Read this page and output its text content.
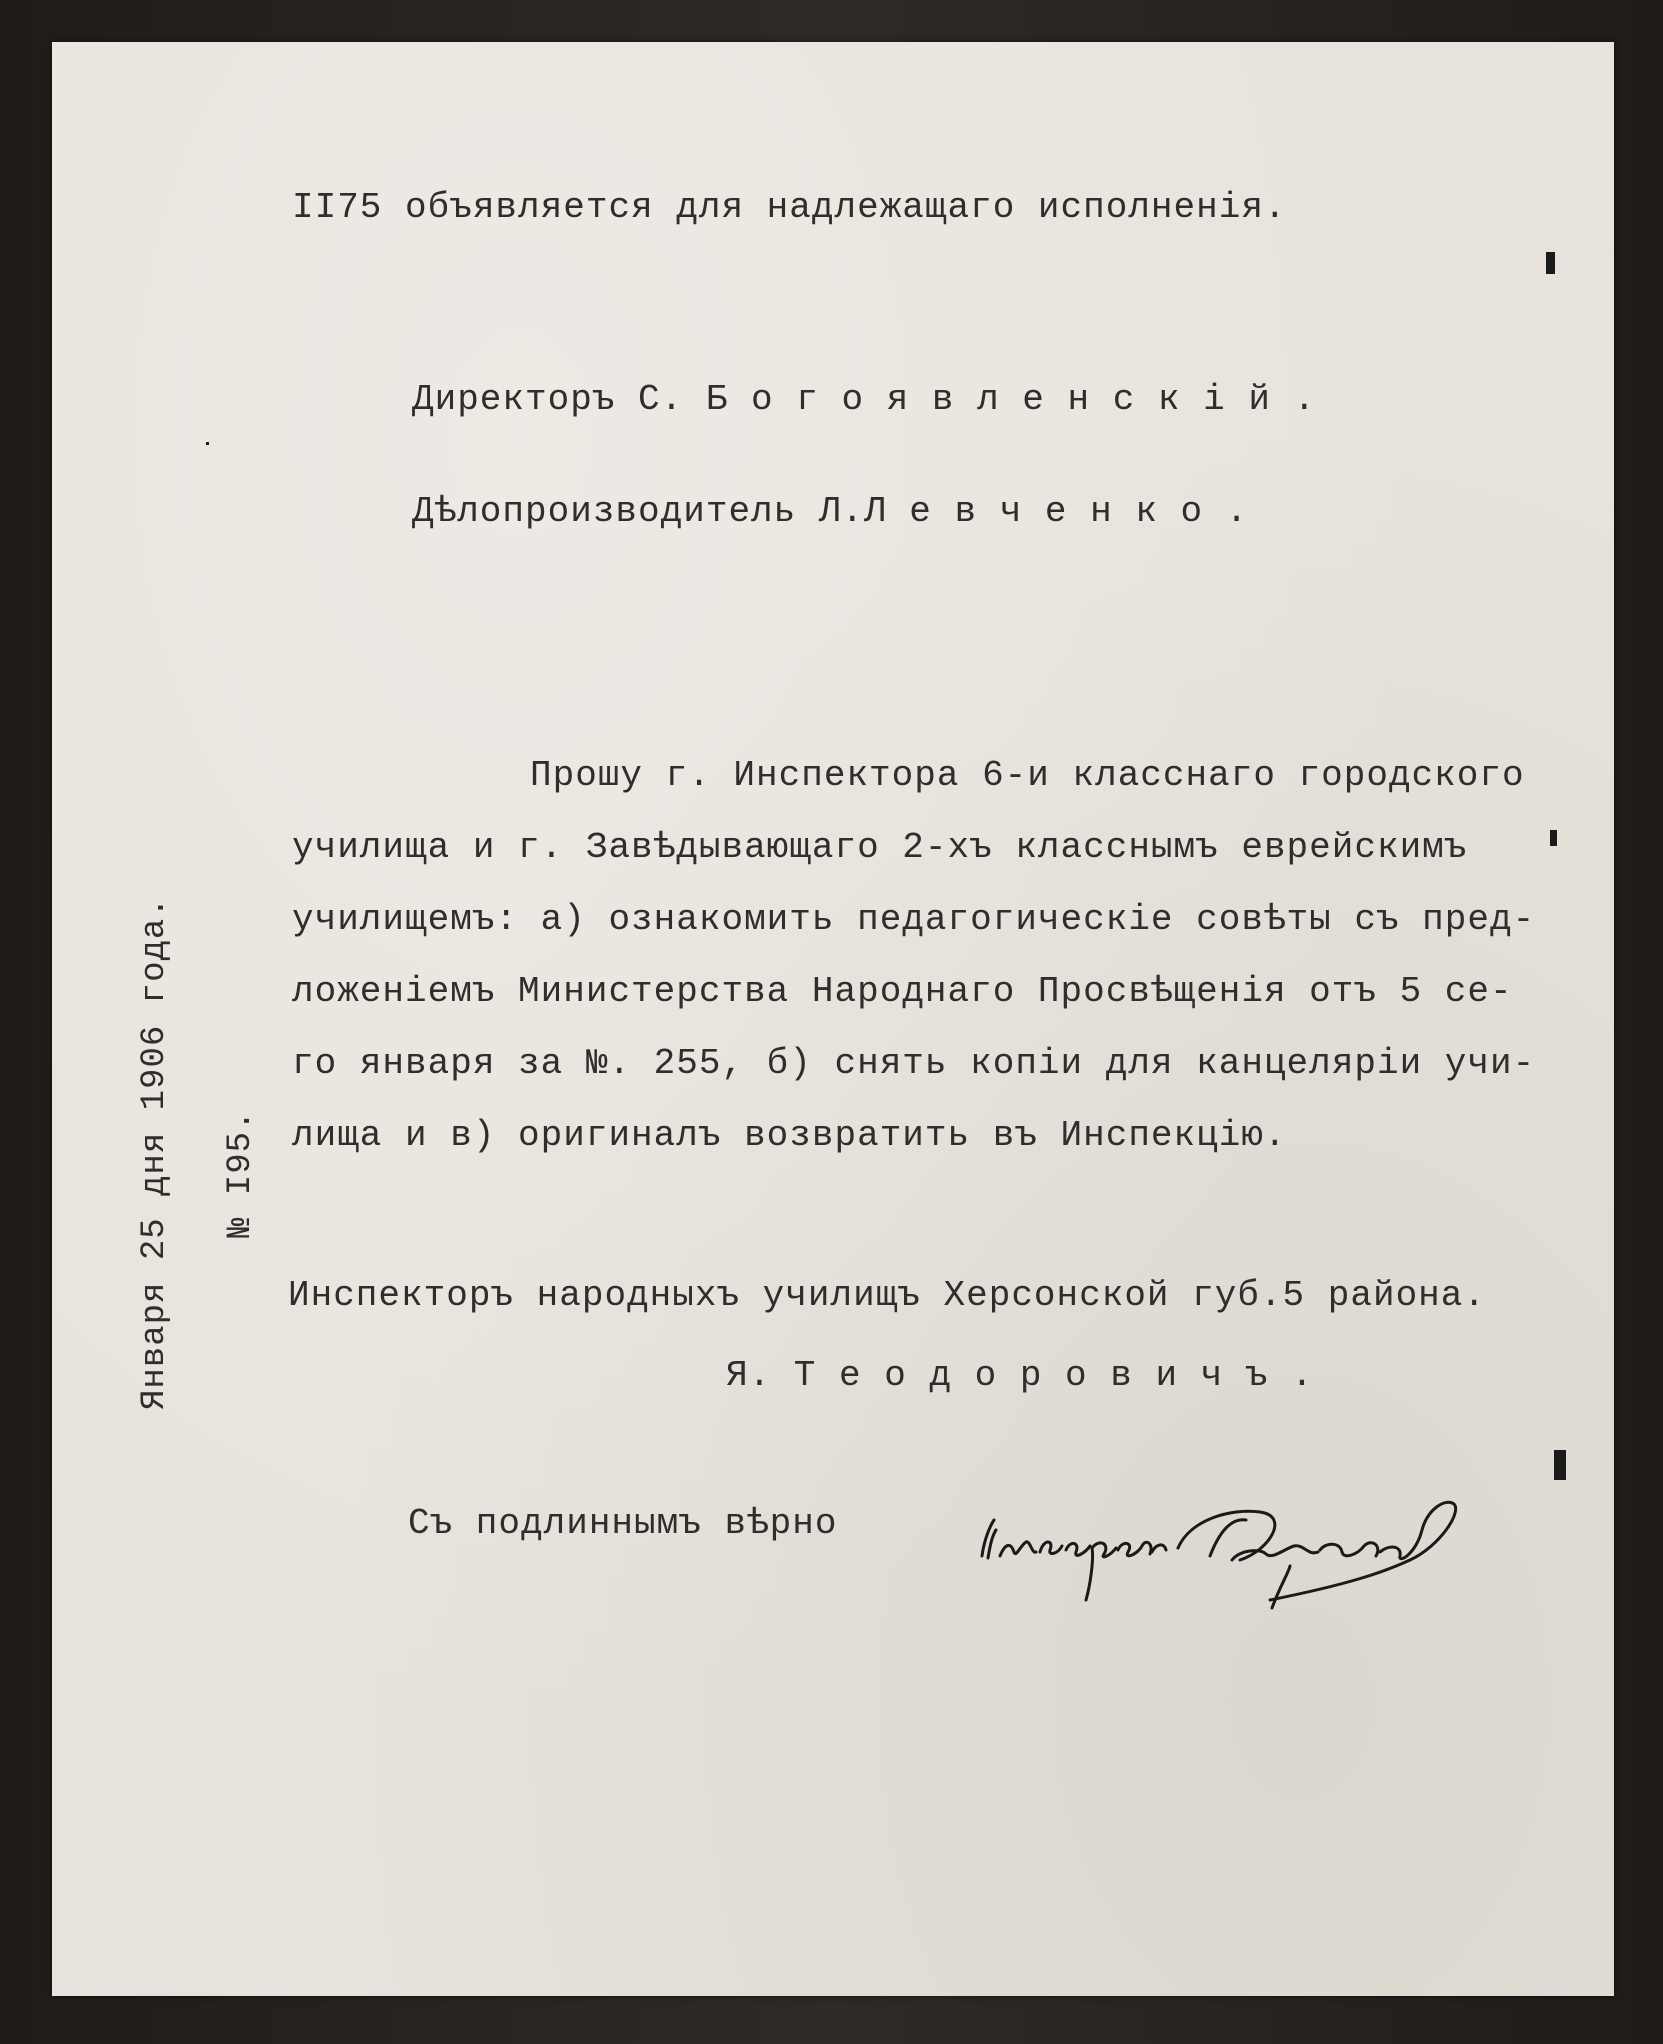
II75 объявляется для надлежащаго исполненія.
Директоръ С. Б о г о я в л е н с к і й .
Дѣлопроизводитель Л.Л е в ч е н к о .
Прошу г. Инспектора 6-и класснаго городского
училища и г. Завѣдывающаго 2-хъ класснымъ еврейскимъ
училищемъ: а) ознакомить педагогическіе совѣты съ пред-
ложеніемъ Министерства Народнаго Просвѣщенія отъ 5 се-
го января за №. 255, б) снять копіи для канцеляріи учи-
лища и в) оригиналъ возвратить въ Инспекцію.
Инспекторъ народныхъ училищъ Херсонской губ.5 района.
Я. Т е о д о р о в и ч ъ .
Съ подлиннымъ вѣрно
Января 25 дня 1906 года. № I95.
